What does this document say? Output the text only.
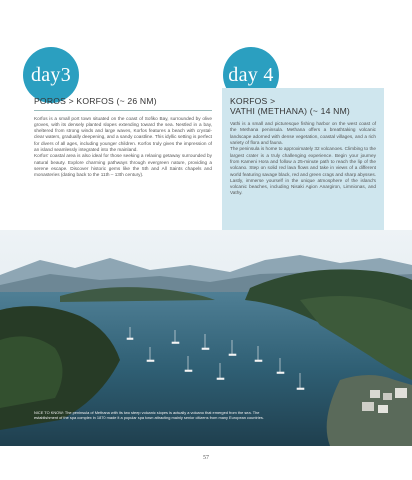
day3	day 4
POROS > KORFOS (~ 26 NM)

Korfos is a small port town situated on the coast of Sofiko Bay, surrounded by olive groves, with its densely planted slopes extending toward the sea. Nestled in a bay, sheltered from strong winds and large waves, Korfos features a beach with crystal-clear waters, gradually deepening, and a sandy coastline. This idyllic setting is perfect for divers of all ages, including younger children. Korfos truly gives the impression of an island seamlessly integrated into the mainland.

Korfos' coastal area is also ideal for those seeking a relaxing getaway surrounded by natural beauty. Explore charming pathways through evergreen nature, providing a serene escape. Discover historic gems like the 5th and All Saints chapels and monasteries (dating back to the 11th – 13th century).

KORFOS >
VATHI (METHANA) (~ 14 NM)

Vathi is a small and picturesque fishing harbor on the west coast of the Methana peninsula. Methana offers a breathtaking volcanic landscape adorned with dense vegetation, coastal villages, and a rich variety of flora and fauna.

The peninsula is home to approximately 32 volcanoes. Climbing to the largest crater is a truly challenging experience. Begin your journey from Kameni Hora and follow a 25-minute path to reach the lip of the volcano. Step on solid red lava flows and take in views of a different world featuring savage black, red and green crags and sharp abysses. Lastly, immerse yourself in the unique atmosphere of the island's volcanic beaches, including Nisaki Agion Anargiron, Limnionas, and Vathy.

NICE TO KNOW: The peninsula of Methana with its two steep volcanic slopes is actually a volcano that emerged from the sea. The establishment of the spa complex in 1870 made it a popular spa town attracting mainly senior citizens from many European countries.
57
